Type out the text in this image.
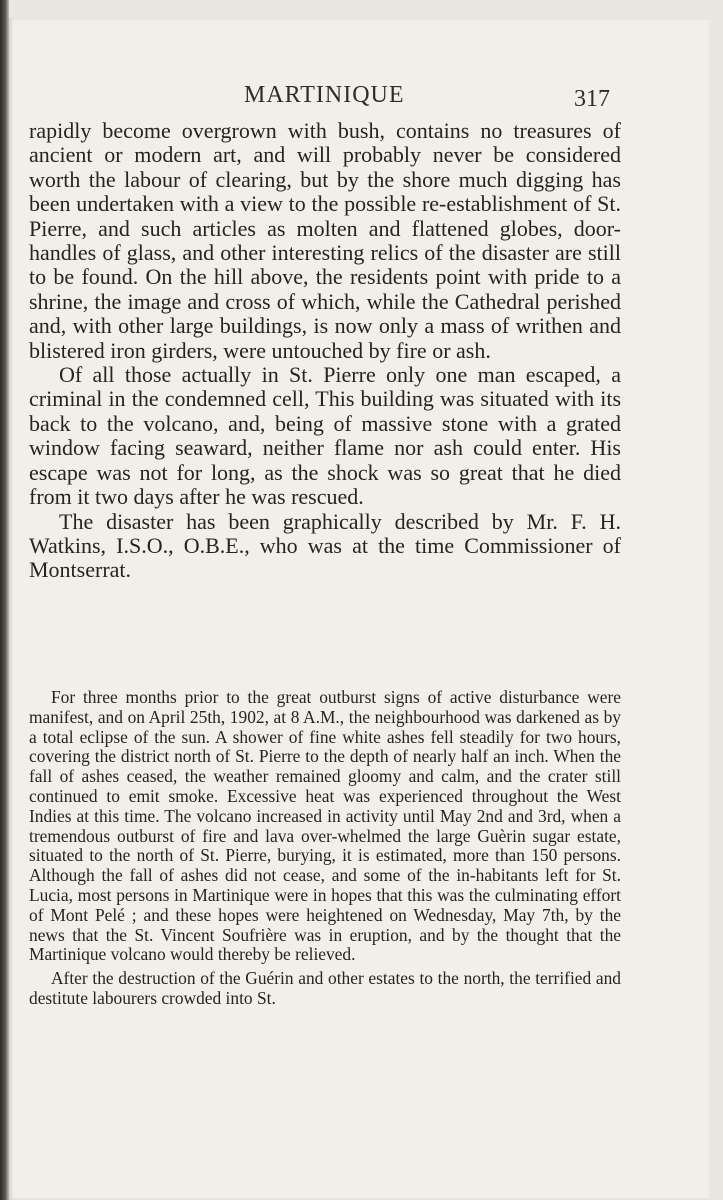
MARTINIQUE	317

rapidly become overgrown with bush, contains no treasures of ancient or modern art, and will probably never be considered worth the labour of clearing, but by the shore much digging has been undertaken with a view to the possible re-establishment of St. Pierre, and such articles as molten and flattened globes, door-handles of glass, and other interesting relics of the disaster are still to be found. On the hill above, the residents point with pride to a shrine, the image and cross of which, while the Cathedral perished and, with other large buildings, is now only a mass of writhen and blistered iron girders, were untouched by fire or ash.

Of all those actually in St. Pierre only one man escaped, a criminal in the condemned cell, This building was situated with its back to the volcano, and, being of massive stone with a grated window facing seaward, neither flame nor ash could enter. His escape was not for long, as the shock was so great that he died from it two days after he was rescued.

The disaster has been graphically described by Mr. F. H. Watkins, I.S.O., O.B.E., who was at the time Commissioner of Montserrat.

For three months prior to the great outburst signs of active disturbance were manifest, and on April 25th, 1902, at 8 A.M., the neighbourhood was darkened as by a total eclipse of the sun. A shower of fine white ashes fell steadily for two hours, covering the district north of St. Pierre to the depth of nearly half an inch. When the fall of ashes ceased, the weather remained gloomy and calm, and the crater still continued to emit smoke. Excessive heat was experienced throughout the West Indies at this time. The volcano increased in activity until May 2nd and 3rd, when a tremendous outburst of fire and lava over-whelmed the large Guèrin sugar estate, situated to the north of St. Pierre, burying, it is estimated, more than 150 persons. Although the fall of ashes did not cease, and some of the in-habitants left for St. Lucia, most persons in Martinique were in hopes that this was the culminating effort of Mont Pelé ; and these hopes were heightened on Wednesday, May 7th, by the news that the St. Vincent Soufrière was in eruption, and by the thought that the Martinique volcano would thereby be relieved.

After the destruction of the Guérin and other estates to the north, the terrified and destitute labourers crowded into St.
